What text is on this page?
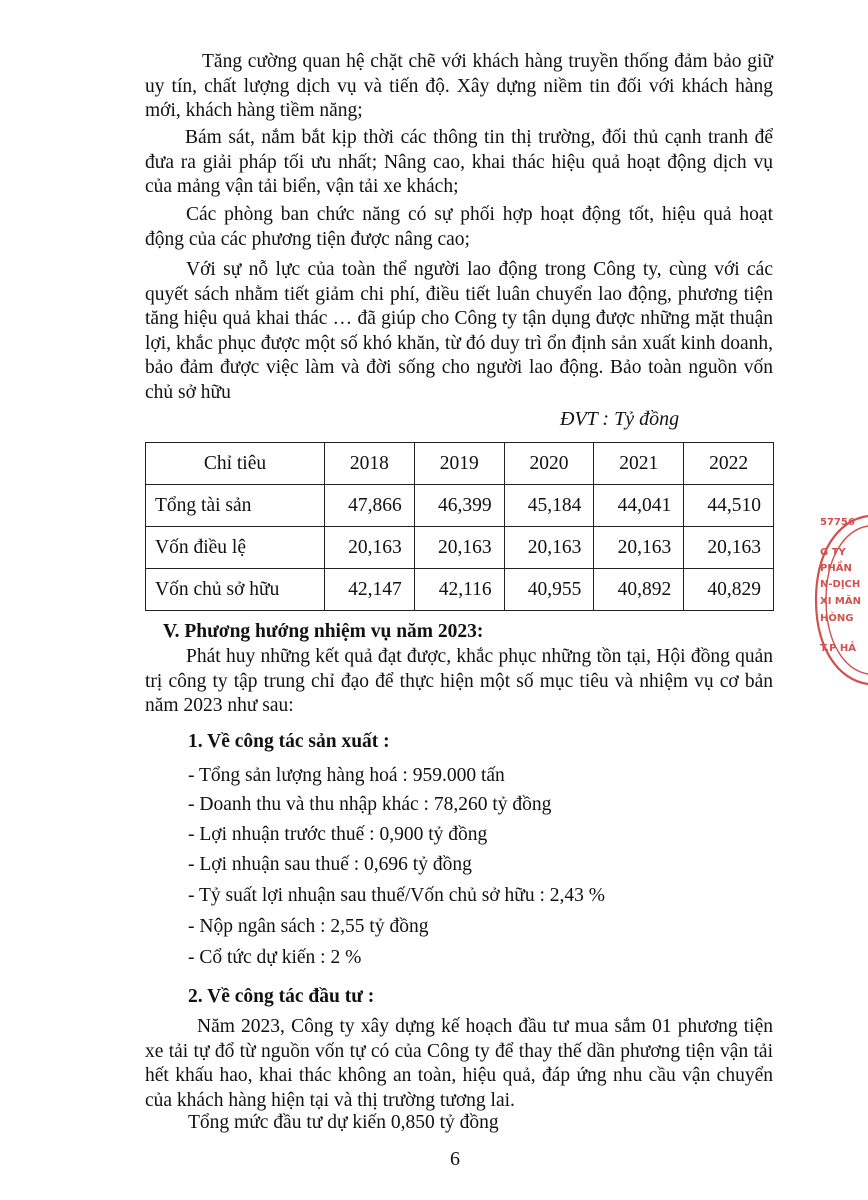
Tăng cường quan hệ chặt chẽ với khách hàng truyền thống đảm bảo giữ uy tín, chất lượng dịch vụ và tiến độ. Xây dựng niềm tin đối với khách hàng mới, khách hàng tiềm năng;

Bám sát, nắm bắt kịp thời các thông tin thị trường, đối thủ cạnh tranh để đưa ra giải pháp tối ưu nhất; Nâng cao, khai thác hiệu quả hoạt động dịch vụ của mảng vận tải biển, vận tải xe khách;

Các phòng ban chức năng có sự phối hợp hoạt động tốt, hiệu quả hoạt động của các phương tiện được nâng cao;

Với sự nỗ lực của toàn thể người lao động trong Công ty, cùng với các quyết sách nhằm tiết giảm chi phí, điều tiết luân chuyển lao động, phương tiện tăng hiệu quả khai thác … đã giúp cho Công ty tận dụng được những mặt thuận lợi, khắc phục được một số khó khăn, từ đó duy trì ổn định sản xuất kinh doanh, bảo đảm được việc làm và đời sống cho người lao động. Bảo toàn nguồn vốn chủ sở hữu

ĐVT : Tỷ đồng
Chỉ tiêu	2018	2019	2020	2021	2022
Tổng tài sản	47,866	46,399	45,184	44,041	44,510
Vốn điều lệ	20,163	20,163	20,163	20,163	20,163
Vốn chủ sở hữu	42,147	42,116	40,955	40,892	40,829
V. Phương hướng nhiệm vụ năm 2023:

Phát huy những kết quả đạt được, khắc phục những tồn tại, Hội đồng quản trị công ty tập trung chỉ đạo để thực hiện một số mục tiêu và nhiệm vụ cơ bản năm 2023 như sau:

1. Về công tác sản xuất :
- Tổng sản lượng hàng hoá : 959.000 tấn
- Doanh thu và thu nhập khác : 78,260 tỷ đồng
- Lợi nhuận trước thuế : 0,900 tỷ đồng
- Lợi nhuận sau thuế : 0,696 tỷ đồng
- Tỷ suất lợi nhuận sau thuế/Vốn chủ sở hữu : 2,43 %
- Nộp ngân sách : 2,55 tỷ đồng
- Cổ tức dự kiến : 2 %
2. Về công tác đầu tư :

Năm 2023, Công ty xây dựng kế hoạch đầu tư mua sắm 01 phương tiện xe tải tự đổ từ nguồn vốn tự có của Công ty để thay thế dần phương tiện vận tải hết khấu hao, khai thác không an toàn, hiệu quả, đáp ứng nhu cầu vận chuyển của khách hàng hiện tại và thị trường tương lai.

Tổng mức đầu tư dự kiến 0,850 tỷ đồng
6
57756
G TY
PHẦN
N-DỊCH
XI MĂN
HÒNG
T.P HẢ
